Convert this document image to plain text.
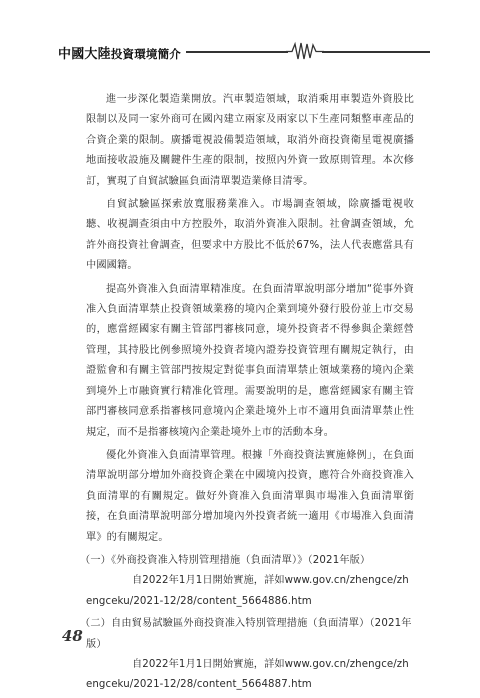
中國大陸投資環境簡介

進一步深化製造業開放。汽車製造領域，取消乘用車製造外資股比限制以及同一家外商可在國內建立兩家及兩家以下生產同類整車產品的合資企業的限制。廣播電視設備製造領域，取消外商投資衛星電視廣播地面接收設施及關鍵件生產的限制，按照內外資一致原則管理。本次修訂，實現了自貿試驗區負面清單製造業條目清零。

自貿試驗區探索放寬服務業准入。市場調查領域，除廣播電視收聽、收視調查須由中方控股外，取消外資准入限制。社會調查領域，允許外商投資社會調查，但要求中方股比不低於67%，法人代表應當具有中國國籍。

提高外資准入負面清單精准度。在負面清單說明部分增加“從事外資准入負面清單禁止投資領域業務的境內企業到境外發行股份並上市交易的，應當經國家有關主管部門審核同意，境外投資者不得參與企業經營管理，其持股比例參照境外投資者境內證券投資管理有關規定執行，由證監會和有關主管部門按規定對從事負面清單禁止領域業務的境內企業到境外上市融資實行精准化管理。需要說明的是，應當經國家有關主管部門審核同意系指審核同意境內企業赴境外上市不適用負面清單禁止性規定，而不是指審核境內企業赴境外上市的活動本身。

優化外資准入負面清單管理。根據「外商投資法實施條例」，在負面清單說明部分增加外商投資企業在中國境內投資，應符合外商投資准入負面清單的有關規定。做好外資准入負面清單與市場准入負面清單銜接，在負面清單說明部分增加境內外投資者統一適用《市場准入負面清單》的有關規定。

（一）《外商投資准入特別管理措施（負面清單）》（2021年版）

自2022年1月1日開始實施，詳如www.gov.cn/zhengce/zhengceku/2021-12/28/content_5664886.htm

（二）自由貿易試驗區外商投資准入特別管理措施（負面清單）（2021年版）

自2022年1月1日開始實施，詳如www.gov.cn/zhengce/zhengceku/2021-12/28/content_5664887.htm

48
